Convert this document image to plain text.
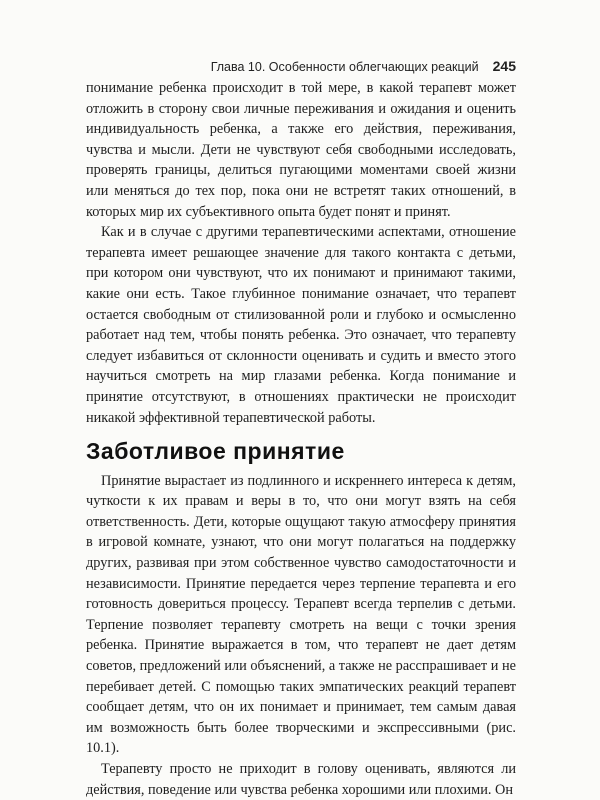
Глава 10. Особенности облегчающих реакций 245

понимание ребенка происходит в той мере, в какой терапевт может отложить в сторону свои личные переживания и ожидания и оценить индивидуальность ребенка, а также его действия, переживания, чувства и мысли. Дети не чувствуют себя свободными исследовать, проверять границы, делиться пугающими моментами своей жизни или меняться до тех пор, пока они не встретят таких отношений, в которых мир их субъективного опыта будет понят и принят.

Как и в случае с другими терапевтическими аспектами, отношение терапевта имеет решающее значение для такого контакта с детьми, при котором они чувствуют, что их понимают и принимают такими, какие они есть. Такое глубинное понимание означает, что терапевт остается свободным от стилизованной роли и глубоко и осмысленно работает над тем, чтобы понять ребенка. Это означает, что терапевту следует избавиться от склонности оценивать и судить и вместо этого научиться смотреть на мир глазами ребенка. Когда понимание и принятие отсутствуют, в отношениях практически не происходит никакой эффективной терапевтической работы.

Заботливое принятие

Принятие вырастает из подлинного и искреннего интереса к детям, чуткости к их правам и веры в то, что они могут взять на себя ответственность. Дети, которые ощущают такую атмосферу принятия в игровой комнате, узнают, что они могут полагаться на поддержку других, развивая при этом собственное чувство самодостаточности и независимости. Принятие передается через терпение терапевта и его готовность довериться процессу. Терапевт всегда терпелив с детьми. Терпение позволяет терапевту смотреть на вещи с точки зрения ребенка. Принятие выражается в том, что терапевт не дает детям советов, предложений или объяснений, а также не расспрашивает и не перебивает детей. С помощью таких эмпатических реакций терапевт сообщает детям, что он их понимает и принимает, тем самым давая им возможность быть более творческими и экспрессивными (рис. 10.1).

Терапевту просто не приходит в голову оценивать, являются ли действия, поведение или чувства ребенка хорошими или плохими. Он
